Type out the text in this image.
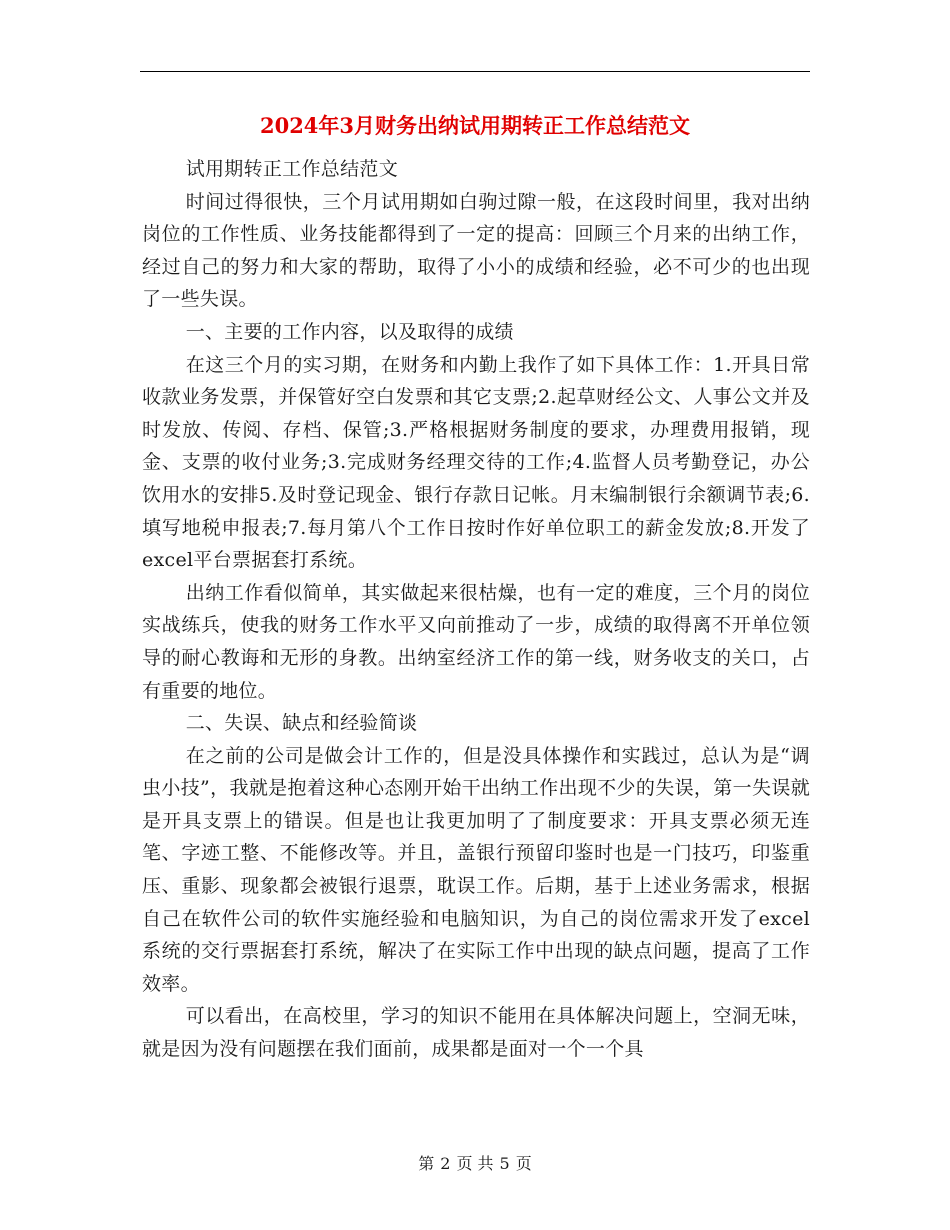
2024年3月财务出纳试用期转正工作总结范文

试用期转正工作总结范文

时间过得很快，三个月试用期如白驹过隙一般，在这段时间里，我对出纳岗位的工作性质、业务技能都得到了一定的提高：回顾三个月来的出纳工作，经过自己的努力和大家的帮助，取得了小小的成绩和经验，必不可少的也出现了一些失误。

一、主要的工作内容，以及取得的成绩

在这三个月的实习期，在财务和内勤上我作了如下具体工作：1.开具日常收款业务发票，并保管好空白发票和其它支票;2.起草财经公文、人事公文并及时发放、传阅、存档、保管;3.严格根据财务制度的要求，办理费用报销，现金、支票的收付业务;3.完成财务经理交待的工作;4.监督人员考勤登记，办公饮用水的安排5.及时登记现金、银行存款日记帐。月末编制银行余额调节表;6.填写地税申报表;7.每月第八个工作日按时作好单位职工的薪金发放;8.开发了excel平台票据套打系统。

出纳工作看似简单，其实做起来很枯燥，也有一定的难度，三个月的岗位实战练兵，使我的财务工作水平又向前推动了一步，成绩的取得离不开单位领导的耐心教诲和无形的身教。出纳室经济工作的第一线，财务收支的关口，占有重要的地位。

二、失误、缺点和经验简谈

在之前的公司是做会计工作的，但是没具体操作和实践过，总认为是“调虫小技”，我就是抱着这种心态刚开始干出纳工作出现不少的失误，第一失误就是开具支票上的错误。但是也让我更加明了了制度要求：开具支票必须无连笔、字迹工整、不能修改等。并且，盖银行预留印鉴时也是一门技巧，印鉴重压、重影、现象都会被银行退票，耽误工作。后期，基于上述业务需求，根据自己在软件公司的软件实施经验和电脑知识，为自己的岗位需求开发了excel系统的交行票据套打系统，解决了在实际工作中出现的缺点问题，提高了工作效率。

可以看出，在高校里，学习的知识不能用在具体解决问题上，空洞无味，就是因为没有问题摆在我们面前，成果都是面对一个一个具

第 2 页 共 5 页
